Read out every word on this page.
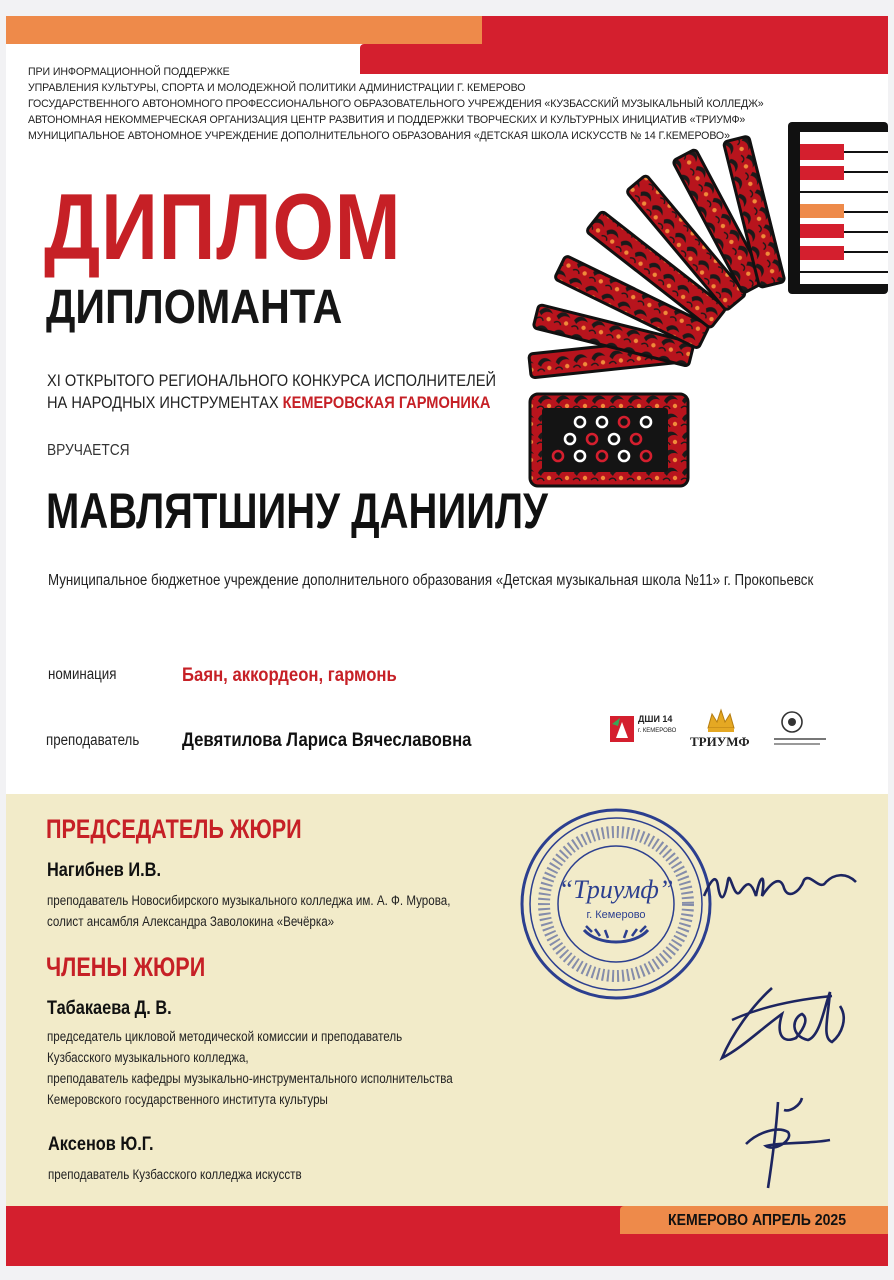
ПРИ ИНФОРМАЦИОННОЙ ПОДДЕРЖКЕ
УПРАВЛЕНИЯ КУЛЬТУРЫ, СПОРТА И МОЛОДЕЖНОЙ ПОЛИТИКИ АДМИНИСТРАЦИИ Г. КЕМЕРОВО
ГОСУДАРСТВЕННОГО АВТОНОМНОГО ПРОФЕССИОНАЛЬНОГО ОБРАЗОВАТЕЛЬНОГО УЧРЕЖДЕНИЯ «КУЗБАССКИЙ МУЗЫКАЛЬНЫЙ КОЛЛЕДЖ»
АВТОНОМНАЯ НЕКОММЕРЧЕСКАЯ ОРГАНИЗАЦИЯ ЦЕНТР РАЗВИТИЯ И ПОДДЕРЖКИ ТВОРЧЕСКИХ И КУЛЬТУРНЫХ ИНИЦИАТИВ «ТРИУМФ»
МУНИЦИПАЛЬНОЕ АВТОНОМНОЕ УЧРЕЖДЕНИЕ ДОПОЛНИТЕЛЬНОГО ОБРАЗОВАНИЯ «ДЕТСКАЯ ШКОЛА ИСКУССТВ № 14 Г.КЕМЕРОВО»
ДИПЛОМ
ДИПЛОМАНТА
XI ОТКРЫТОГО РЕГИОНАЛЬНОГО КОНКУРСА ИСПОЛНИТЕЛЕЙ
НА НАРОДНЫХ ИНСТРУМЕНТАХ КЕМЕРОВСКАЯ ГАРМОНИКА
ВРУЧАЕТСЯ
МАВЛЯТШИНУ ДАНИИЛУ
Муниципальное бюджетное учреждение дополнительного образования «Детская музыкальная школа №11» г. Прокопьевск
номинация	Баян, аккордеон, гармонь
преподаватель Девятилова Лариса Вячеславовна
ДШИ 14
г. КЕМЕРОВО
ТРИУМФ
ПРЕДСЕДАТЕЛЬ ЖЮРИ
Нагибнев И.В.
преподаватель Новосибирского музыкального колледжа им. А. Ф. Мурова,
солист ансамбля Александра Заволокина «Вечёрка»
ЧЛЕНЫ ЖЮРИ
Табакаева Д. В.
председатель цикловой методической комиссии и преподаватель
Кузбасского музыкального колледжа,
преподаватель кафедры музыкально-инструментального исполнительства
Кемеровского государственного института культуры
Аксенов Ю.Г.
преподаватель Кузбасского колледжа искусств
“Триумф”
г. Кемерово
КЕМЕРОВО АПРЕЛЬ 2025
